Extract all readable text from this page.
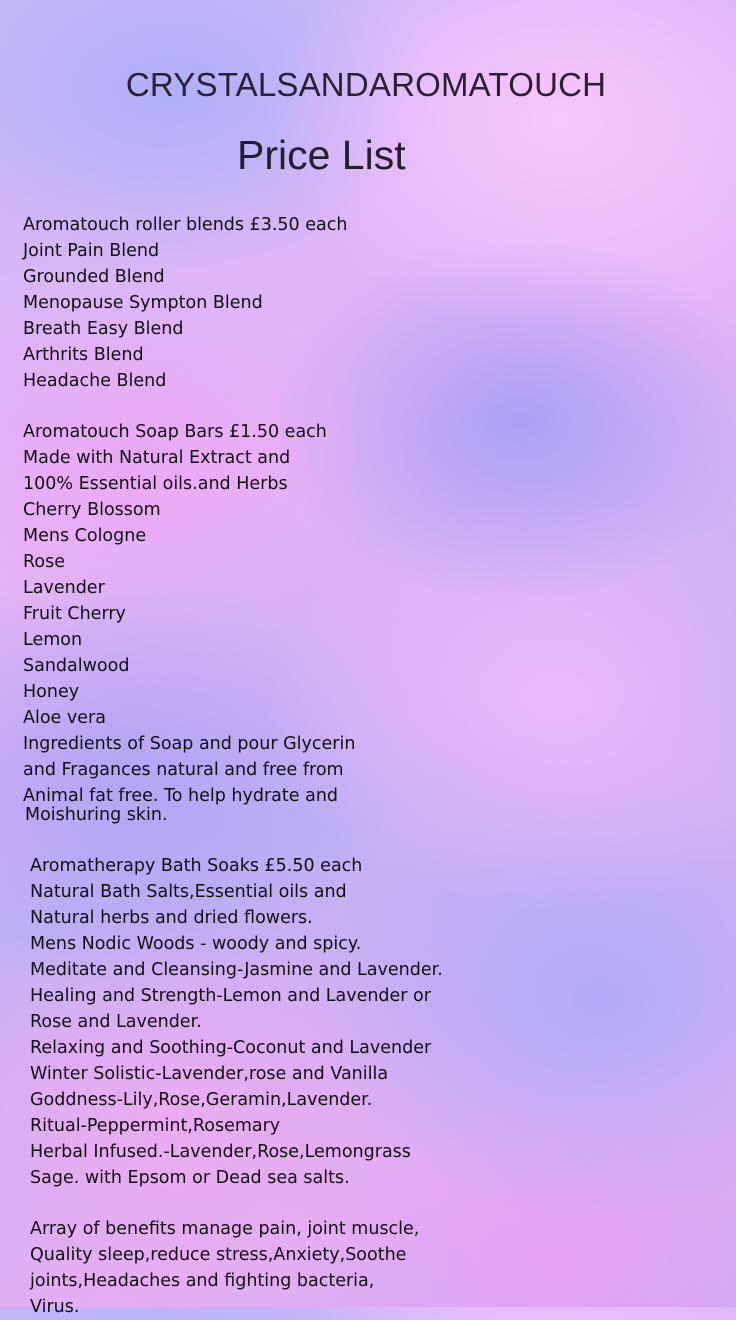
CRYSTALSANDAROMATOUCH
Price List
Aromatouch roller blends £3.50 each
Joint Pain Blend
Grounded Blend
Menopause Sympton Blend
Breath Easy Blend
Arthrits Blend
Headache Blend
Aromatouch Soap Bars £1.50 each
Made with Natural Extract and
100% Essential oils.and Herbs
Cherry Blossom
Mens Cologne
Rose
Lavender
Fruit Cherry
Lemon
Sandalwood
Honey
Aloe vera
Ingredients of Soap and pour Glycerin
and Fragances natural and free from
Animal fat free. To help hydrate and
Moishuring skin.
Aromatherapy Bath Soaks £5.50 each
Natural Bath Salts,Essential oils and
Natural herbs and dried flowers.
Mens Nodic Woods - woody and spicy.
Meditate and Cleansing-Jasmine and Lavender.
Healing and Strength-Lemon and Lavender or
Rose and Lavender.
Relaxing and Soothing-Coconut and Lavender
Winter Solistic-Lavender,rose and Vanilla
Goddness-Lily,Rose,Geramin,Lavender.
Ritual-Peppermint,Rosemary
Herbal Infused.-Lavender,Rose,Lemongrass
Sage. with Epsom or Dead sea salts.
Array of benefits manage pain, joint muscle,
Quality sleep,reduce stress,Anxiety,Soothe
joints,Headaches and fighting bacteria,
Virus.
